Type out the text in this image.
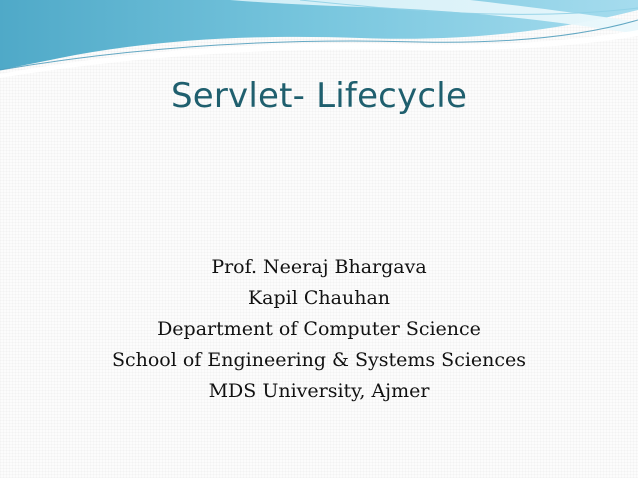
Servlet- Lifecycle
Prof. Neeraj Bhargava
Kapil Chauhan
Department of Computer Science
School of Engineering & Systems Sciences
MDS University, Ajmer
